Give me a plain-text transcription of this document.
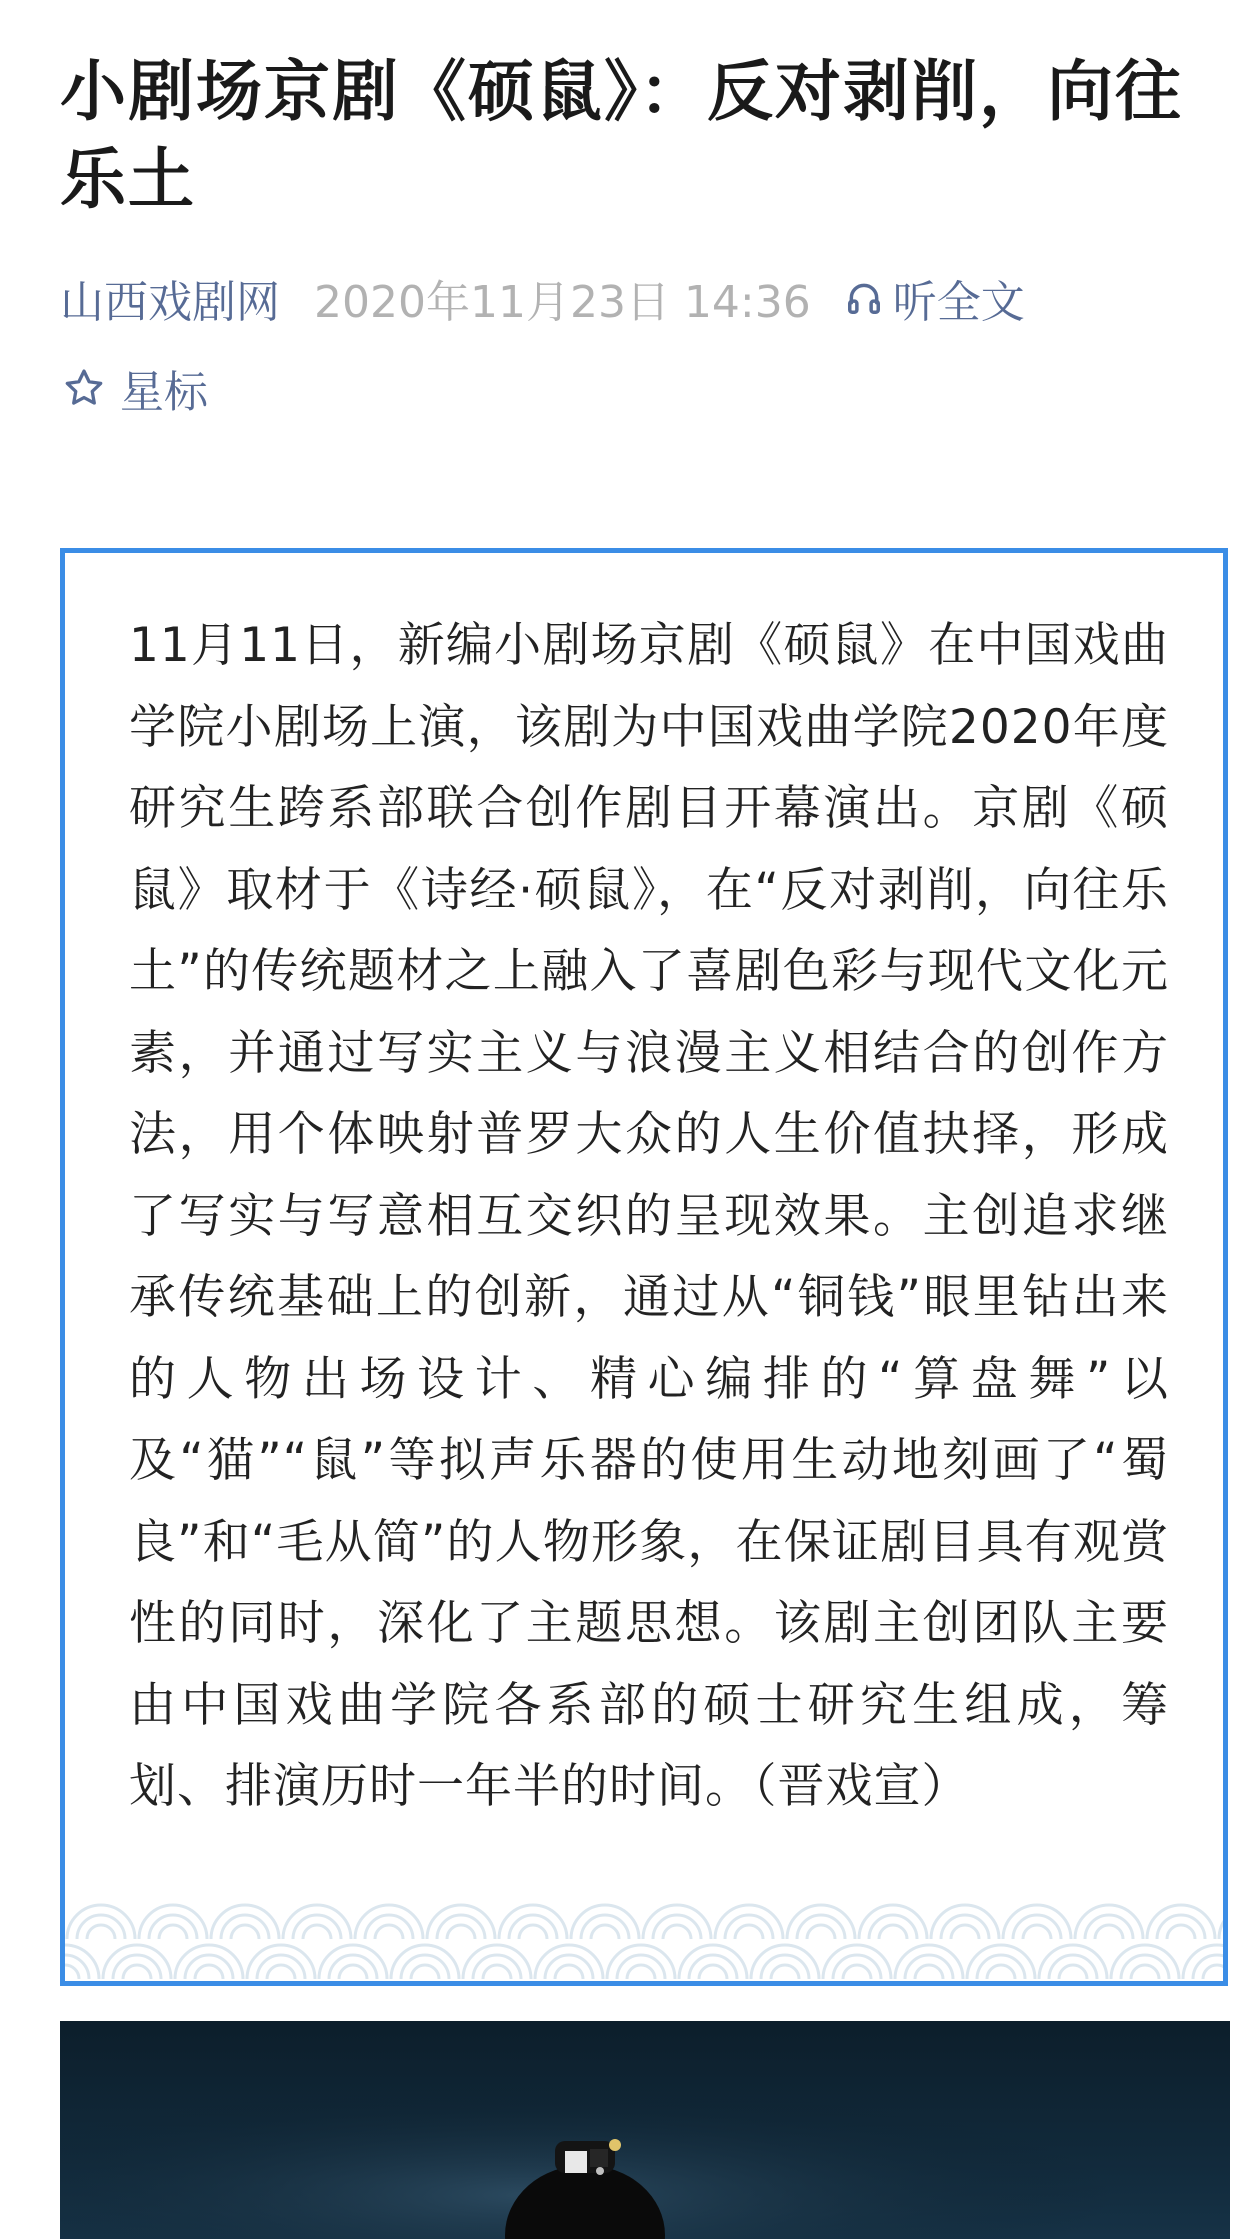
小剧场京剧《硕鼠》：反对剥削，向往乐土
山西戏剧网 2020年11月23日 14:36 听全文
星标

11月11日，新编小剧场京剧《硕鼠》在中国戏曲学院小剧场上演，该剧为中国戏曲学院2020年度研究生跨系部联合创作剧目开幕演出。京剧《硕鼠》取材于《诗经·硕鼠》，在“反对剥削，向往乐土”的传统题材之上融入了喜剧色彩与现代文化元素，并通过写实主义与浪漫主义相结合的创作方法，用个体映射普罗大众的人生价值抉择，形成了写实与写意相互交织的呈现效果。主创追求继承传统基础上的创新，通过从“铜钱”眼里钻出来的人物出场设计、精心编排的“算盘舞”以及“猫”“鼠”等拟声乐器的使用生动地刻画了“蜀良”和“毛从简”的人物形象，在保证剧目具有观赏性的同时，深化了主题思想。该剧主创团队主要由中国戏曲学院各系部的硕士研究生组成，筹划、排演历时一年半的时间。（晋戏宣）
